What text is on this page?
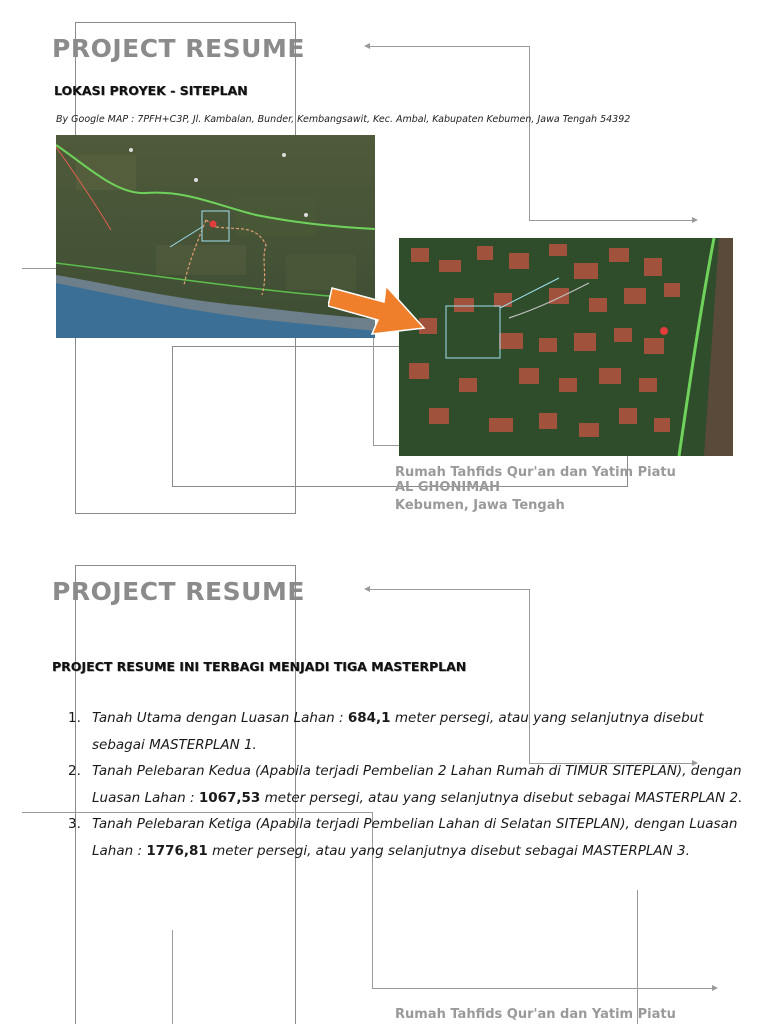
PROJECT RESUME
LOKASI PROYEK - SITEPLAN
By Google MAP : 7PFH+C3P, Jl. Kambalan, Bunder, Kembangsawit, Kec. Ambal, Kabupaten Kebumen, Jawa Tengah 54392
Rumah Tahfids Qur'an dan Yatim Piatu
AL GHONIMAH
Kebumen, Jawa Tengah
PROJECT RESUME
PROJECT RESUME INI TERBAGI MENJADI TIGA MASTERPLAN
1. Tanah Utama dengan Luasan Lahan : 684,1 meter persegi, atau yang selanjutnya disebut sebagai MASTERPLAN 1.
2. Tanah Pelebaran Kedua (Apabila terjadi Pembelian 2 Lahan Rumah di TIMUR SITEPLAN), dengan Luasan Lahan : 1067,53 meter persegi, atau yang selanjutnya disebut sebagai MASTERPLAN 2.
3. Tanah Pelebaran Ketiga (Apabila terjadi Pembelian Lahan di Selatan SITEPLAN), dengan Luasan Lahan : 1776,81 meter persegi, atau yang selanjutnya disebut sebagai MASTERPLAN 3.
Rumah Tahfids Qur'an dan Yatim Piatu
